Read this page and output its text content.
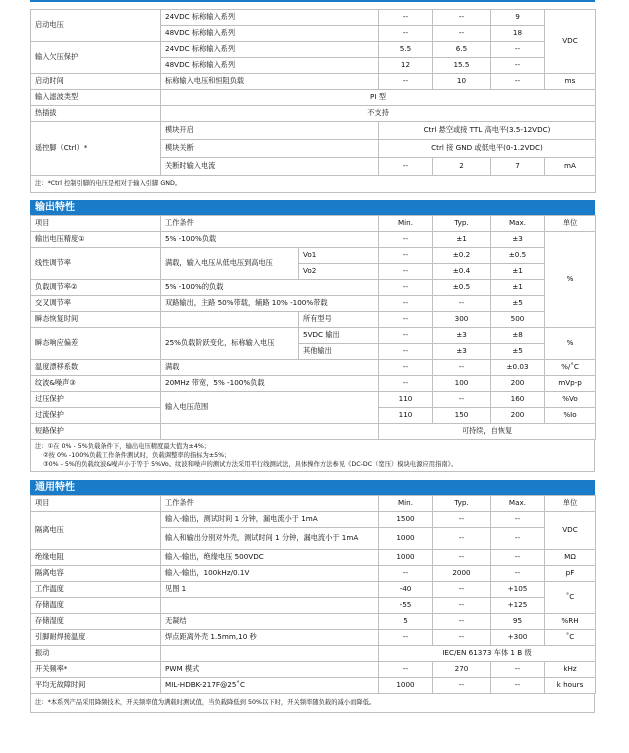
启动电压	24VDC 标称输入系列	--	--	9	VDC
	48VDC 标称输入系列	--	--	18	
输入欠压保护	24VDC 标称输入系列	5.5	6.5	--	
	48VDC 标称输入系列	12	15.5	--	
启动时间	标称输入电压和恒阻负载	--	10	--	ms
输入滤波类型	PI 型				
热插拔	不支持				
遥控脚（Ctrl）*	模块开启	Ctrl 悬空或接 TTL 高电平(3.5-12VDC)			
	模块关断	Ctrl 接 GND 或低电平(0-1.2VDC)			
	关断时输入电流	--	2	7	mA
注：*Ctrl 控制引脚的电压是相对于输入引脚 GND。					
输出特性
项目	工作条件		Min.	Typ.	Max.	单位
输出电压精度①	5% -100%负载		--	±1	±3	%
线性调节率	满载，输入电压从低电压到高电压	Vo1	--	±0.2	±0.5	
		Vo2	--	±0.4	±1	
负载调节率②	5% -100%的负载		--	±0.5	±1	
交叉调节率	双路输出，主路 50%带载，辅路 10% -100%带载		--	--	±5	
瞬态恢复时间		所有型号	--	300	500	
瞬态响应偏差	25%负载阶跃变化，标称输入电压	5VDC 输出	--	±3	±8	%
		其他输出	--	±3	±5	
温度漂移系数	满载		--	--	±0.03	%/˚C
纹波&噪声③	20MHz 带宽，5% -100%负载		--	100	200	mVp-p
过压保护	输入电压范围		110	--	160	%Vo
过流保护			110	150	200	%Io
短路保护			可持续，自恢复			
注：①在 0% - 5%负载条件下，输出电压精度最大值为±4%；
②按 0% -100%负载工作条件测试时，负载调整率的指标为±5%；
③0% - 5%的负载纹波&噪声小于等于 5%Vo。纹波和噪声的测试方法采用平行线测试法，具体操作方法参见《DC-DC（宽压）模块电源应用指南》。
通用特性
项目	工作条件	Min.	Typ.	Max.	单位
隔离电压	输入-输出，测试时间 1 分钟，漏电流小于 1mA	1500	--	--	VDC
	输入和输出分别对外壳，测试时间 1 分钟，漏电流小于 1mA	1000	--	--	
绝缘电阻	输入-输出，绝缘电压 500VDC	1000	--	--	MΩ
隔离电容	输入-输出，100kHz/0.1V	--	2000	--	pF
工作温度	见图 1	-40	--	+105	˚C
存储温度		-55	--	+125	
存储湿度	无凝结	5	--	95	%RH
引脚耐焊接温度	焊点距离外壳 1.5mm,10 秒	--	--	+300	˚C
振动		IEC/EN 61373 车体 1 B 级			
开关频率*	PWM 模式	--	270	--	kHz
平均无故障时间	MIL-HDBK-217F@25˚C	1000	--	--	k hours
注：*本系列产品采用降频技术，开关频率值为满载时测试值，当负载降低到 50%以下时，开关频率随负载的减小而降低。
